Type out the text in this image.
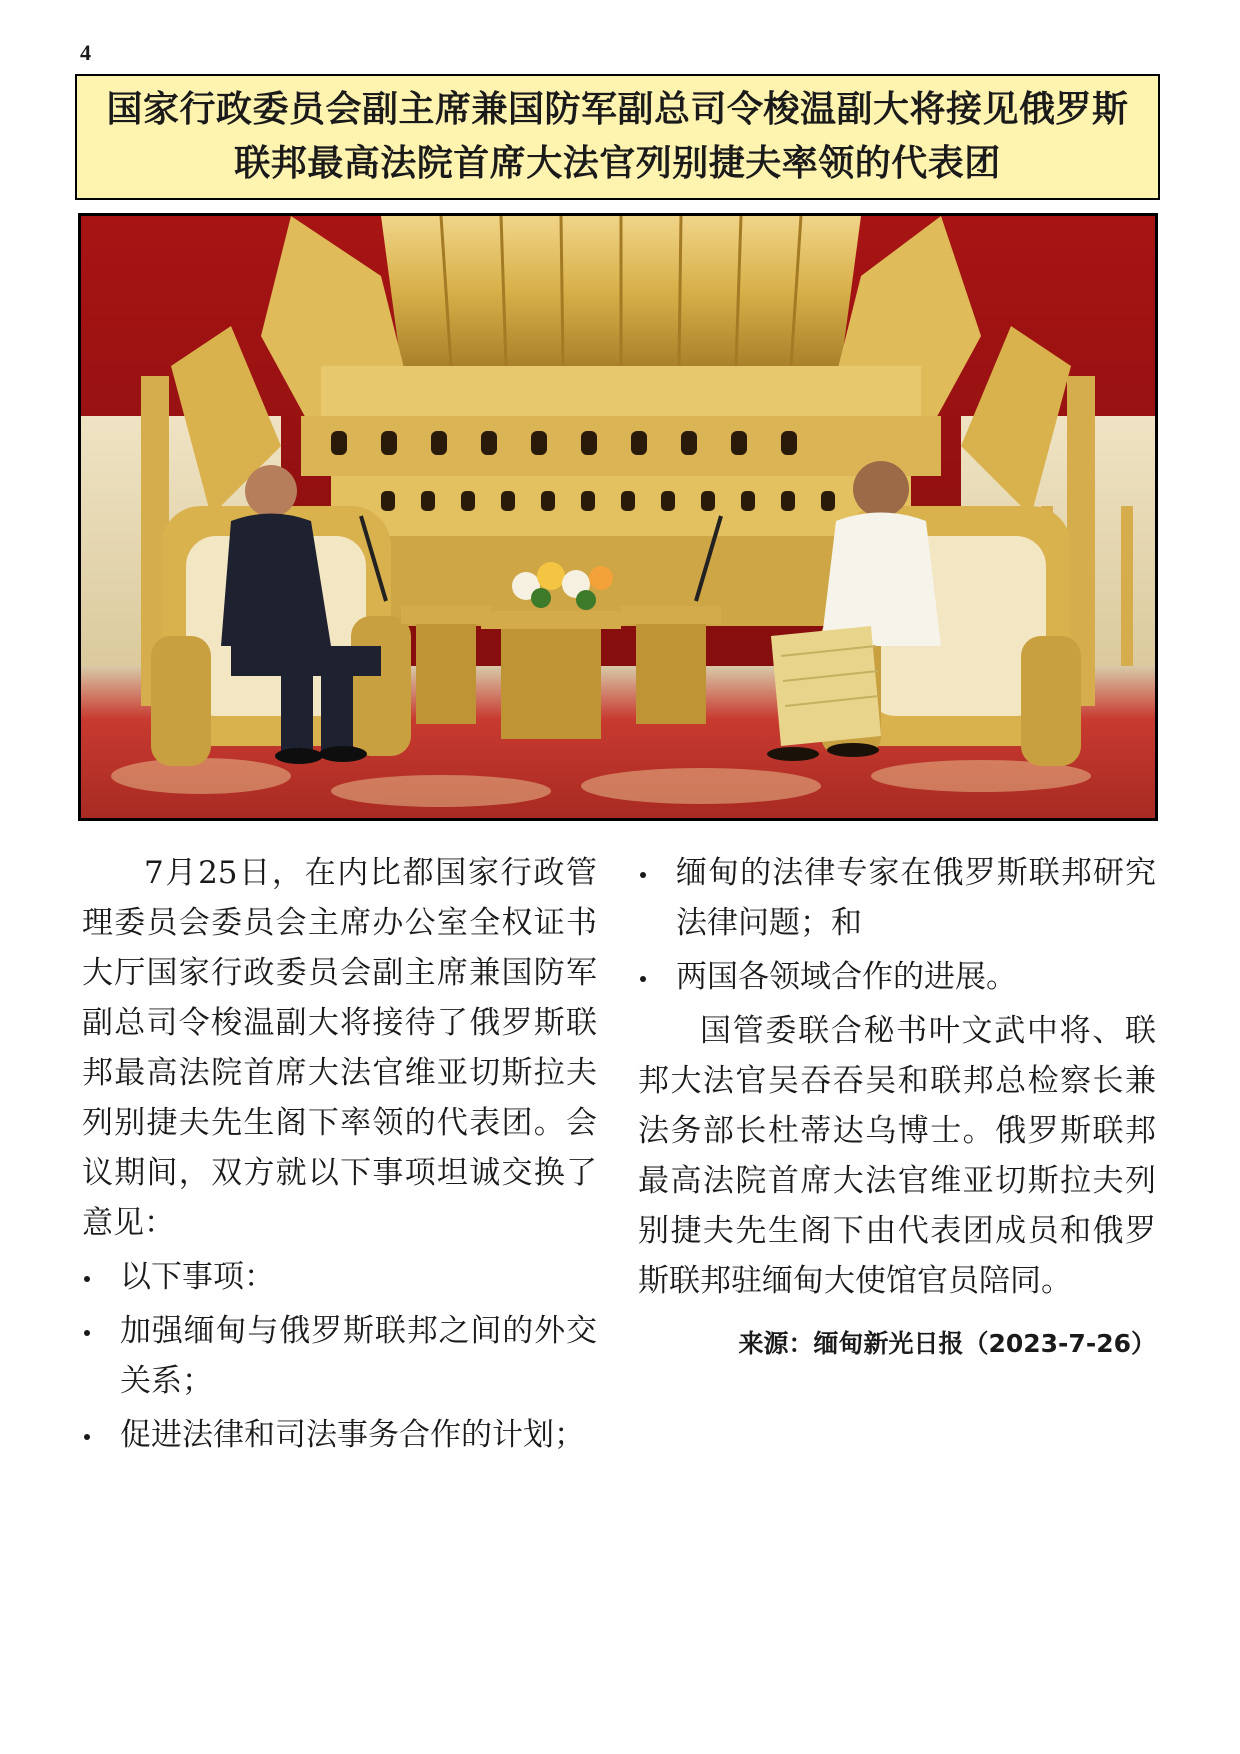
4
国家行政委员会副主席兼国防军副总司令梭温副大将接见俄罗斯
联邦最高法院首席大法官列别捷夫率领的代表团

7月25日，在内比都国家行政管理委员会委员会主席办公室全权证书大厅国家行政委员会副主席兼国防军副总司令梭温副大将接待了俄罗斯联邦最高法院首席大法官维亚切斯拉夫列别捷夫先生阁下率领的代表团。会议期间，双方就以下事项坦诚交换了意见：

以下事项：
加强缅甸与俄罗斯联邦之间的外交关系；
促进法律和司法事务合作的计划；
缅甸的法律专家在俄罗斯联邦研究法律问题；和
两国各领域合作的进展。

国管委联合秘书叶文武中将、联邦大法官吴吞吞吴和联邦总检察长兼法务部长杜蒂达乌博士。俄罗斯联邦最高法院首席大法官维亚切斯拉夫列别捷夫先生阁下由代表团成员和俄罗斯联邦驻缅甸大使馆官员陪同。

来源：缅甸新光日报（2023-7-26）
